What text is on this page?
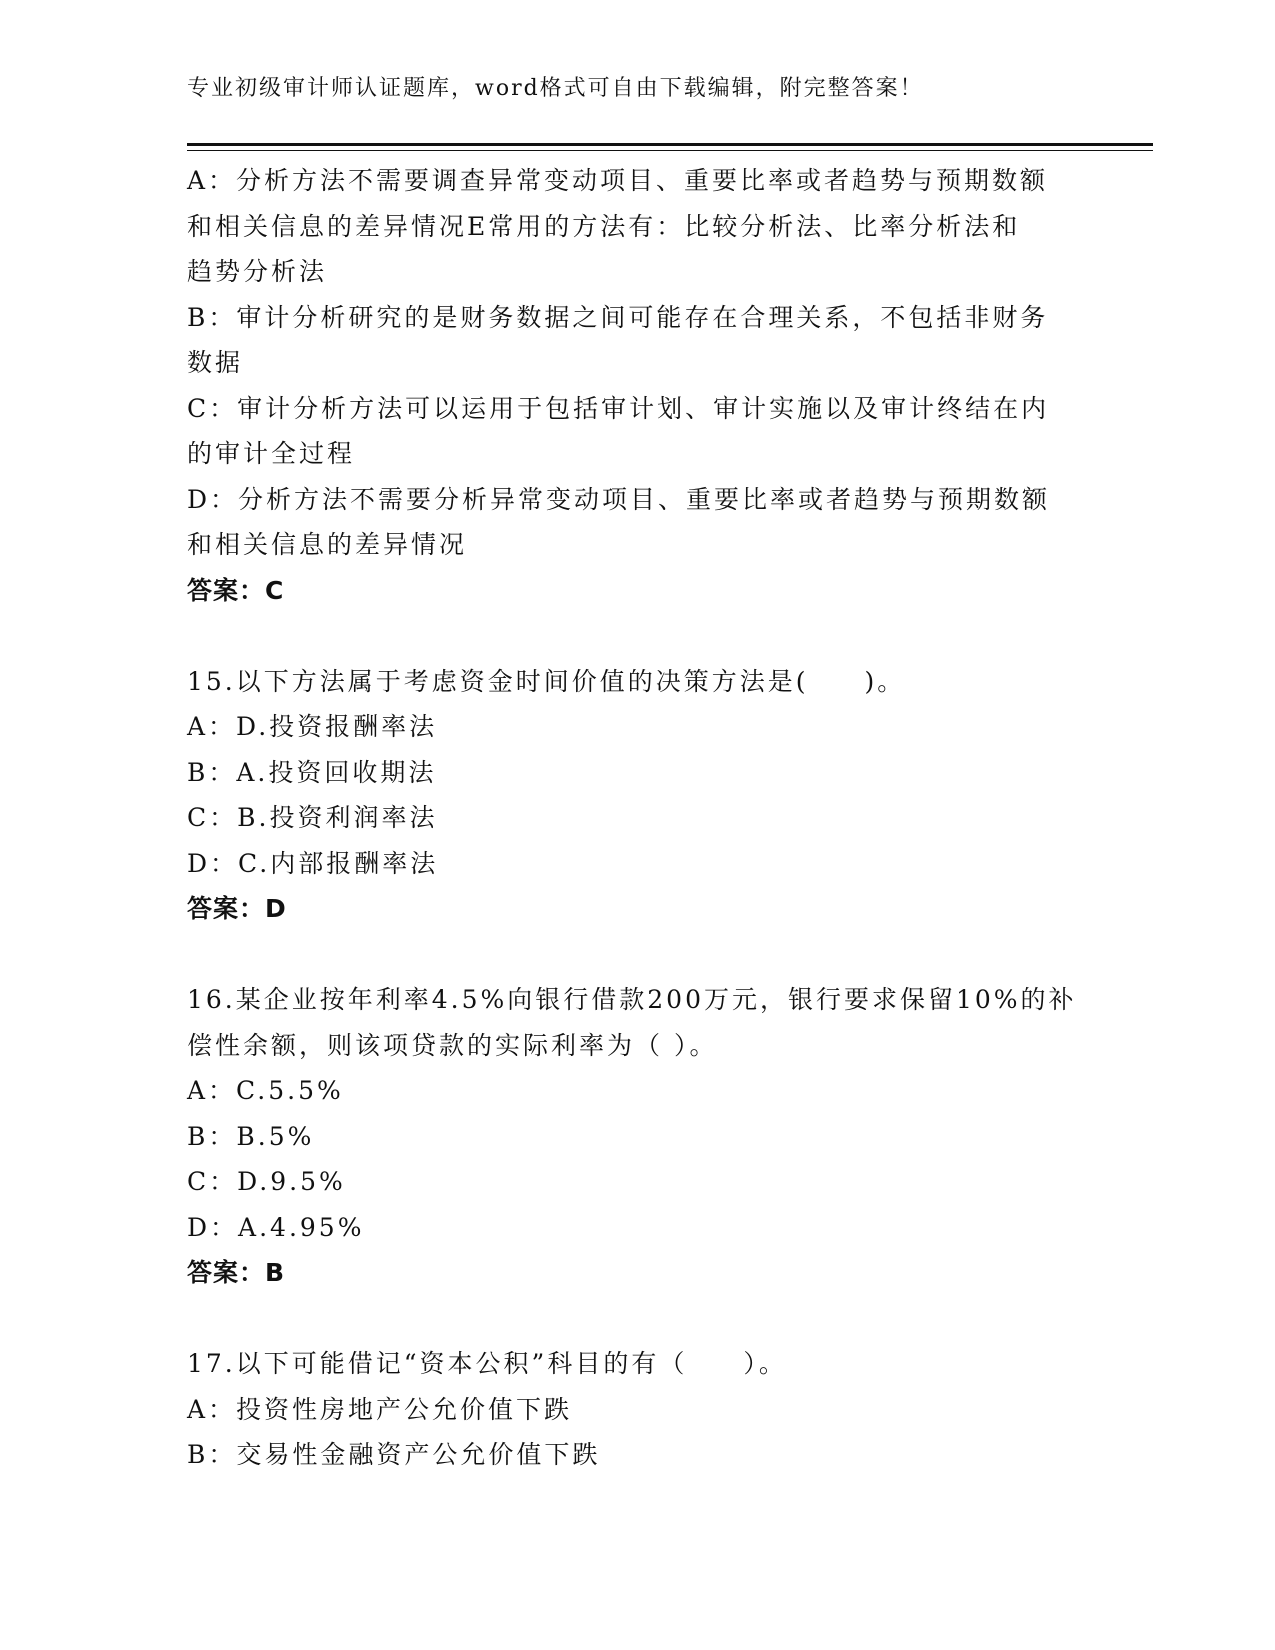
专业初级审计师认证题库，word格式可自由下载编辑，附完整答案！
A：分析方法不需要调查异常变动项目、重要比率或者趋势与预期数额
和相关信息的差异情况E常用的方法有：比较分析法、比率分析法和
趋势分析法
B：审计分析研究的是财务数据之间可能存在合理关系，不包括非财务
数据
C：审计分析方法可以运用于包括审计划、审计实施以及审计终结在内
的审计全过程
D：分析方法不需要分析异常变动项目、重要比率或者趋势与预期数额
和相关信息的差异情况
答案：C
15.以下方法属于考虑资金时间价值的决策方法是(　　)。
A：D.投资报酬率法
B：A.投资回收期法
C：B.投资利润率法
D：C.内部报酬率法
答案：D
16.某企业按年利率4.5%向银行借款200万元，银行要求保留10%的补
偿性余额，则该项贷款的实际利率为（ ）。
A：C.5.5%
B：B.5%
C：D.9.5%
D：A.4.95%
答案：B
17.以下可能借记“资本公积”科目的有（　　）。
A：投资性房地产公允价值下跌
B：交易性金融资产公允价值下跌
